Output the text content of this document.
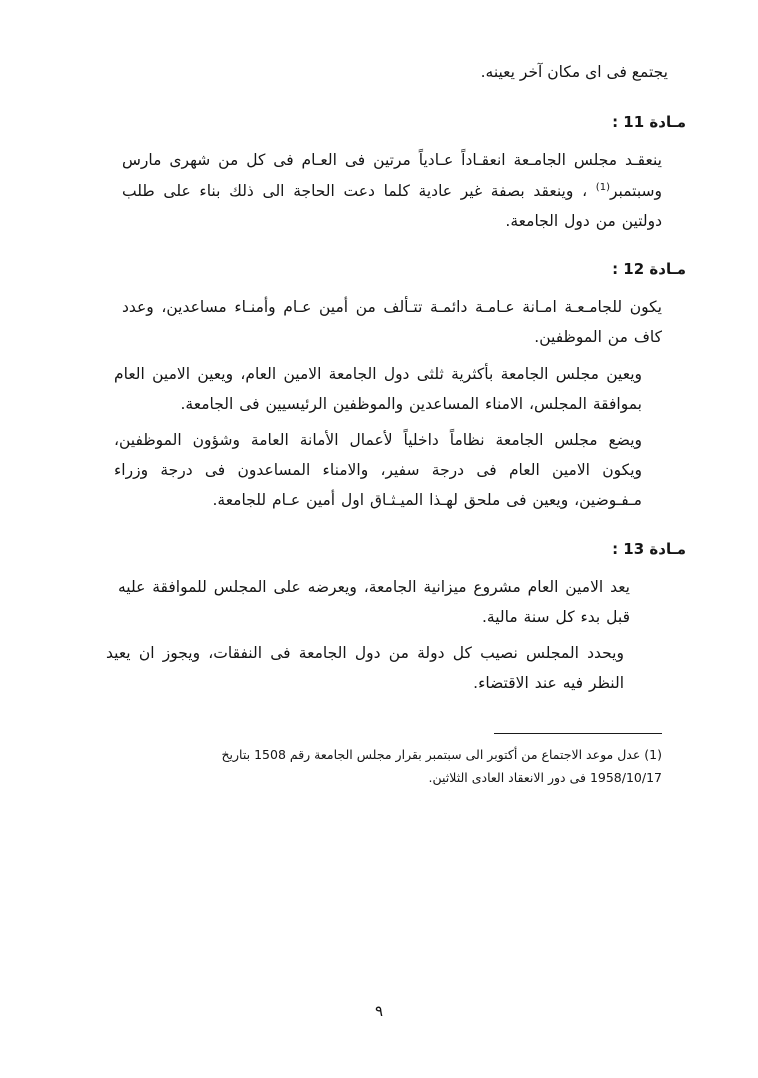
يجتمع فى اى مكان آخر يعينه.

مـادة 11 :

ينعقـد مجلس الجامـعة انعقـاداً عـادياً مرتين فى العـام فى كل من شهرى مارس وسبتمبر$^{(1)}$ ، وينعقد بصفة غير عادية كلما دعت الحاجة الى ذلك بناء على طلب دولتين من دول الجامعة.

مـادة 12 :

يكون للجامـعـة امـانة عـامـة دائمـة تتـألف من أمين عـام وأمنـاء مساعدين، وعدد كاف من الموظفين.

ويعين مجلس الجامعة بأكثرية ثلثى دول الجامعة الامين العام، ويعين الامين العام بموافقة المجلس، الامناء المساعدين والموظفين الرئيسيين فى الجامعة.

ويضع مجلس الجامعة نظاماً داخلياً لأعمال الأمانة العامة وشؤون الموظفين، ويكون الامين العام فى درجة سفير، والامناء المساعدون فى درجة وزراء مـفـوضين، ويعين فى ملحق لهـذا الميـثـاق اول أمين عـام للجامعة.

مـادة 13 :

يعد الامين العام مشروع ميزانية الجامعة، ويعرضه على المجلس للموافقة عليه قبل بدء كل سنة مالية.

ويحدد المجلس نصيب كل دولة من دول الجامعة فى النفقات، ويجوز ان يعيد النظر فيه عند الاقتضاء.

(1) عدل موعد الاجتماع من أكتوبر الى سبتمبر بقرار مجلس الجامعة رقم 1508 بتاريخ 1958/10/17 فى دور الانعقاد العادى الثلاثين.

٩
